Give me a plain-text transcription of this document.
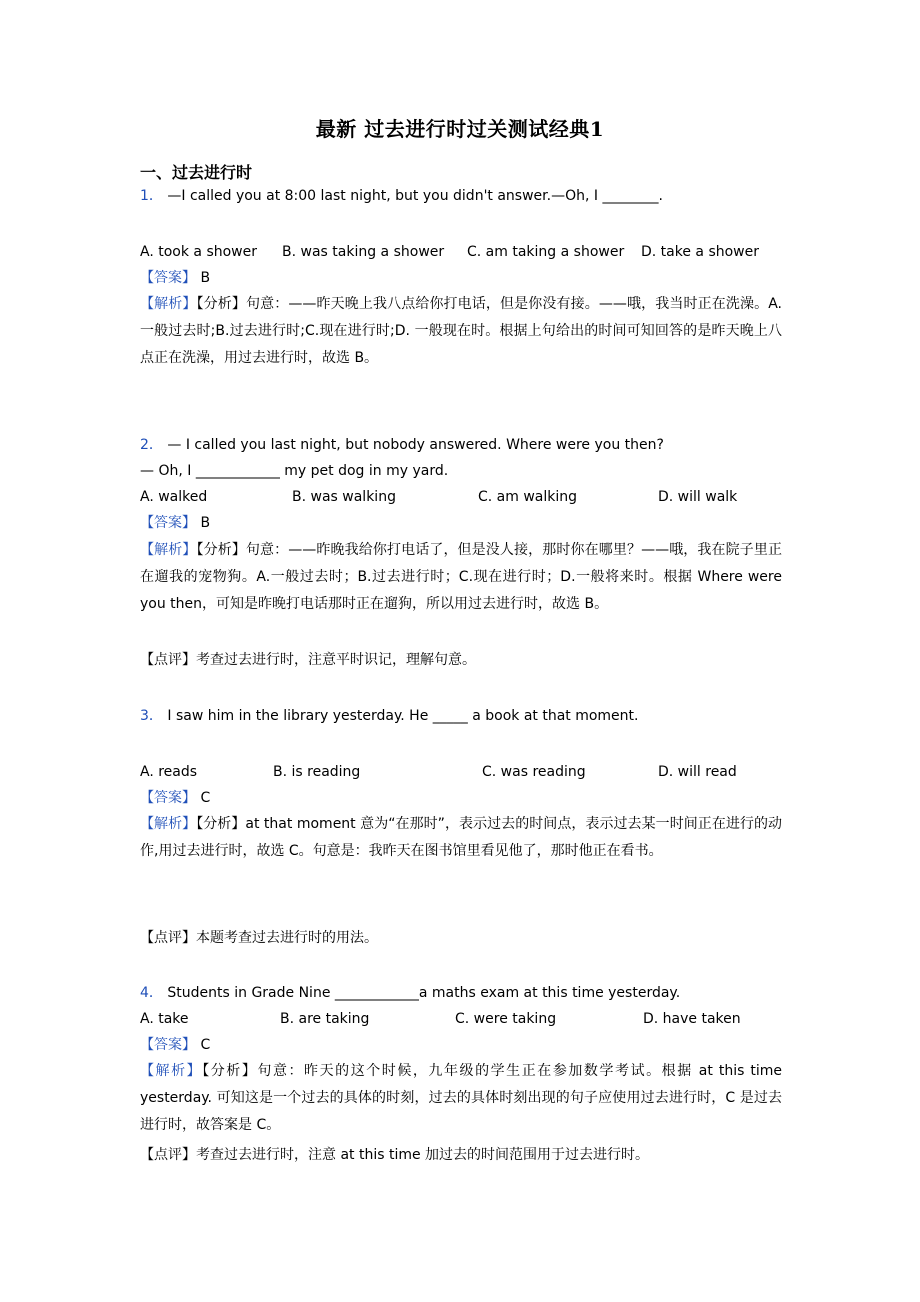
最新 过去进行时过关测试经典1
一、过去进行时
1． —I called you at 8:00 last night, but you didn't answer.—Oh, I ________.
A. took a shower B. was taking a shower C. am taking a shower D. take a shower
【答案】 B
【解析】【分析】句意：——昨天晚上我八点给你打电话，但是你没有接。——哦，我当时正在洗澡。A.一般过去时;B.过去进行时;C.现在进行时;D. 一般现在时。根据上句给出的时间可知回答的是昨天晚上八点正在洗澡，用过去进行时，故选 B。
2． — I called you last night, but nobody answered. Where were you then?
— Oh, I ____________ my pet dog in my yard.
A. walked	B. was walking	C. am walking	D. will walk
【答案】 B
【解析】【分析】句意：——昨晚我给你打电话了，但是没人接，那时你在哪里？——哦，我在院子里正在遛我的宠物狗。A.一般过去时；B.过去进行时；C.现在进行时；D.一般将来时。根据 Where were you then，可知是昨晚打电话那时正在遛狗，所以用过去进行时，故选 B。
【点评】考查过去进行时，注意平时识记，理解句意。
3． I saw him in the library yesterday. He _____ a book at that moment.
A. reads	B. is reading	C. was reading	D. will read
【答案】 C
【解析】【分析】at that moment 意为“在那时”，表示过去的时间点，表示过去某一时间正在进行的动作,用过去进行时，故选 C。句意是：我昨天在图书馆里看见他了，那时他正在看书。
【点评】本题考查过去进行时的用法。
4． Students in Grade Nine ____________a maths exam at this time yesterday.
A. take	B. are taking	C. were taking	D. have taken
【答案】 C
【解析】【分析】句意：昨天的这个时候，九年级的学生正在参加数学考试。根据 at this time yesterday. 可知这是一个过去的具体的时刻，过去的具体时刻出现的句子应使用过去进行时，C 是过去进行时，故答案是 C。
【点评】考查过去进行时，注意 at this time 加过去的时间范围用于过去进行时。
